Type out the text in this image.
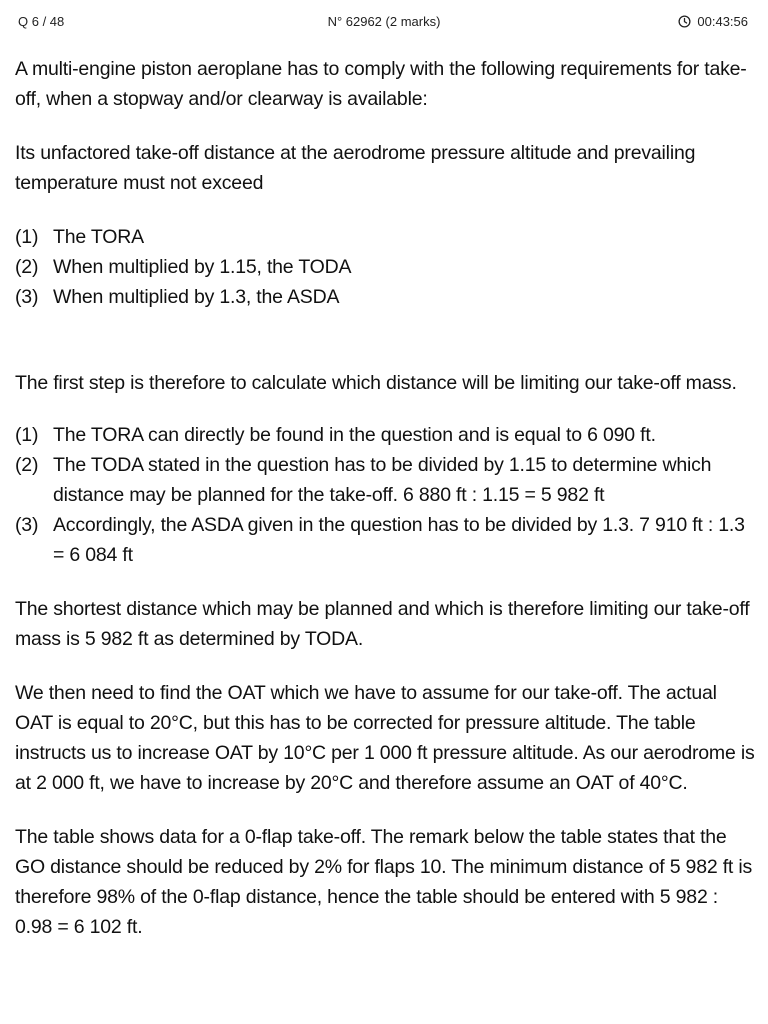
Q 6 / 48	N° 62962 (2 marks)	00:43:56

A multi-engine piston aeroplane has to comply with the following requirements for take-off, when a stopway and/or clearway is available:

Its unfactored take-off distance at the aerodrome pressure altitude and prevailing temperature must not exceed

(1) The TORA
(2) When multiplied by 1.15, the TODA
(3) When multiplied by 1.3, the ASDA

The first step is therefore to calculate which distance will be limiting our take-off mass.

(1) The TORA can directly be found in the question and is equal to 6 090 ft.
(2) The TODA stated in the question has to be divided by 1.15 to determine which distance may be planned for the take-off. 6 880 ft : 1.15 = 5 982 ft
(3) Accordingly, the ASDA given in the question has to be divided by 1.3. 7 910 ft : 1.3 = 6 084 ft

The shortest distance which may be planned and which is therefore limiting our take-off mass is 5 982 ft as determined by TODA.

We then need to find the OAT which we have to assume for our take-off. The actual OAT is equal to 20°C, but this has to be corrected for pressure altitude. The table instructs us to increase OAT by 10°C per 1 000 ft pressure altitude. As our aerodrome is at 2 000 ft, we have to increase by 20°C and therefore assume an OAT of 40°C.

The table shows data for a 0-flap take-off. The remark below the table states that the GO distance should be reduced by 2% for flaps 10. The minimum distance of 5 982 ft is therefore 98% of the 0-flap distance, hence the table should be entered with 5 982 : 0.98 = 6 102 ft.
